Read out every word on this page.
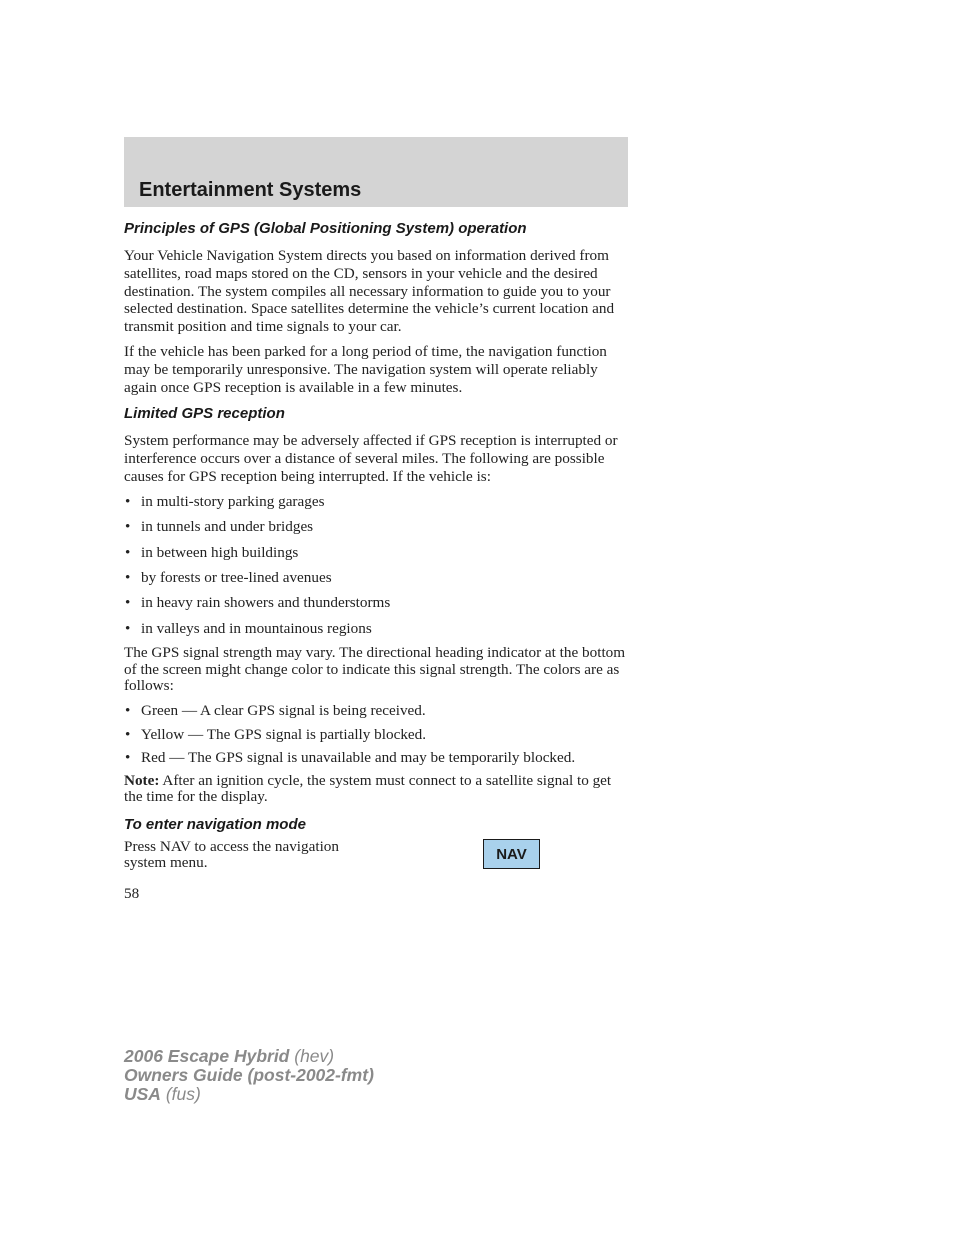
Entertainment Systems
Principles of GPS (Global Positioning System) operation

Your Vehicle Navigation System directs you based on information derived from satellites, road maps stored on the CD, sensors in your vehicle and the desired destination. The system compiles all necessary information to guide you to your selected destination. Space satellites determine the vehicle’s current location and transmit position and time signals to your car.

If the vehicle has been parked for a long period of time, the navigation function may be temporarily unresponsive. The navigation system will operate reliably again once GPS reception is available in a few minutes.

Limited GPS reception

System performance may be adversely affected if GPS reception is interrupted or interference occurs over a distance of several miles. The following are possible causes for GPS reception being interrupted. If the vehicle is:

• in multi-story parking garages
• in tunnels and under bridges
• in between high buildings
• by forests or tree-lined avenues
• in heavy rain showers and thunderstorms
• in valleys and in mountainous regions

The GPS signal strength may vary. The directional heading indicator at the bottom of the screen might change color to indicate this signal strength. The colors are as follows:

• Green — A clear GPS signal is being received.
• Yellow — The GPS signal is partially blocked.
• Red — The GPS signal is unavailable and may be temporarily blocked.

Note: After an ignition cycle, the system must connect to a satellite signal to get the time for the display.

To enter navigation mode

Press NAV to access the navigation system menu.	NAV
58
2006 Escape Hybrid (hev)
Owners Guide (post-2002-fmt)
USA (fus)
